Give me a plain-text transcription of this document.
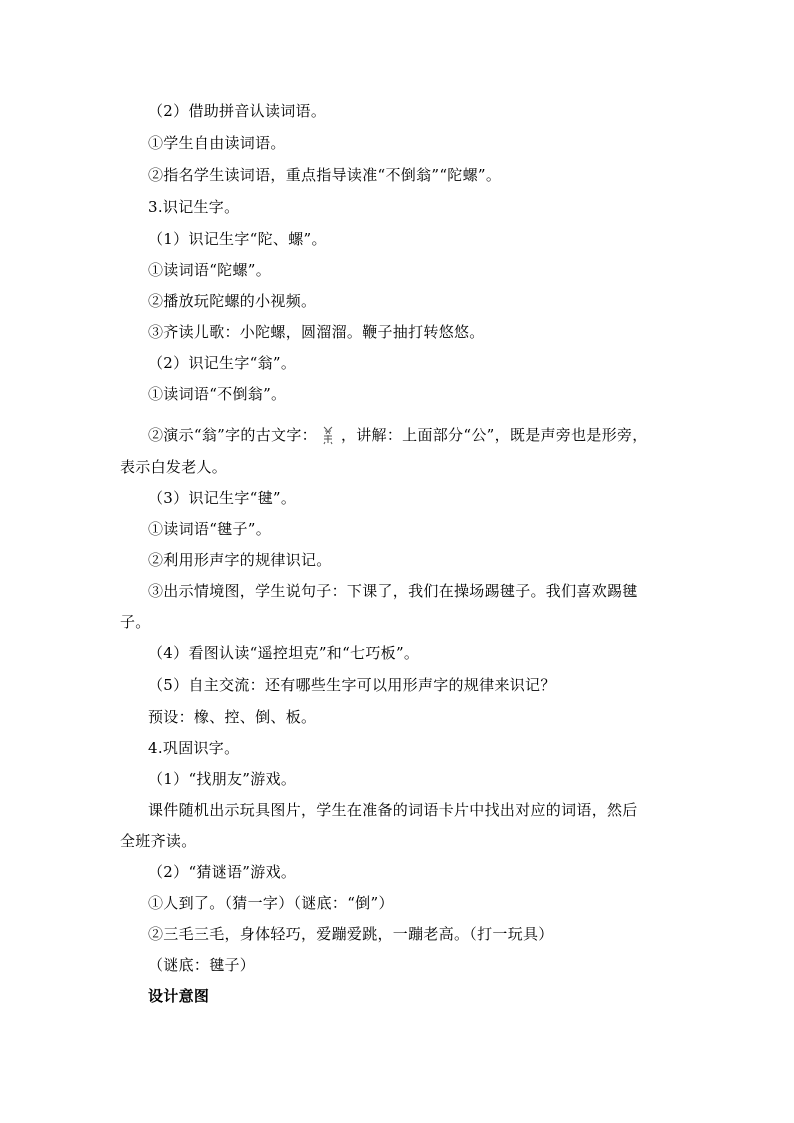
（2）借助拼音认读词语。
①学生自由读词语。
②指名学生读词语，重点指导读准“不倒翁”“陀螺”。
3.识记生字。
（1）识记生字“陀、螺”。
①读词语“陀螺”。
②播放玩陀螺的小视频。
③齐读儿歌：小陀螺，圆溜溜。鞭子抽打转悠悠。
（2）识记生字“翁”。
①读词语“不倒翁”。
②演示“翁”字的古文字： ，讲解：上面部分“公”，既是声旁也是形旁，
表示白发老人。
（3）识记生字“毽”。
①读词语“毽子”。
②利用形声字的规律识记。
③出示情境图，学生说句子：下课了，我们在操场踢毽子。我们喜欢踢毽
子。
（4）看图认读“遥控坦克”和“七巧板”。
（5）自主交流：还有哪些生字可以用形声字的规律来识记？
预设：橡、控、倒、板。
4.巩固识字。
（1）“找朋友”游戏。
课件随机出示玩具图片，学生在准备的词语卡片中找出对应的词语，然后
全班齐读。
（2）“猜谜语”游戏。
①人到了。（猜一字）（谜底：“倒”）
②三毛三毛，身体轻巧，爱蹦爱跳，一蹦老高。（打一玩具）
（谜底：毽子）
设计意图
